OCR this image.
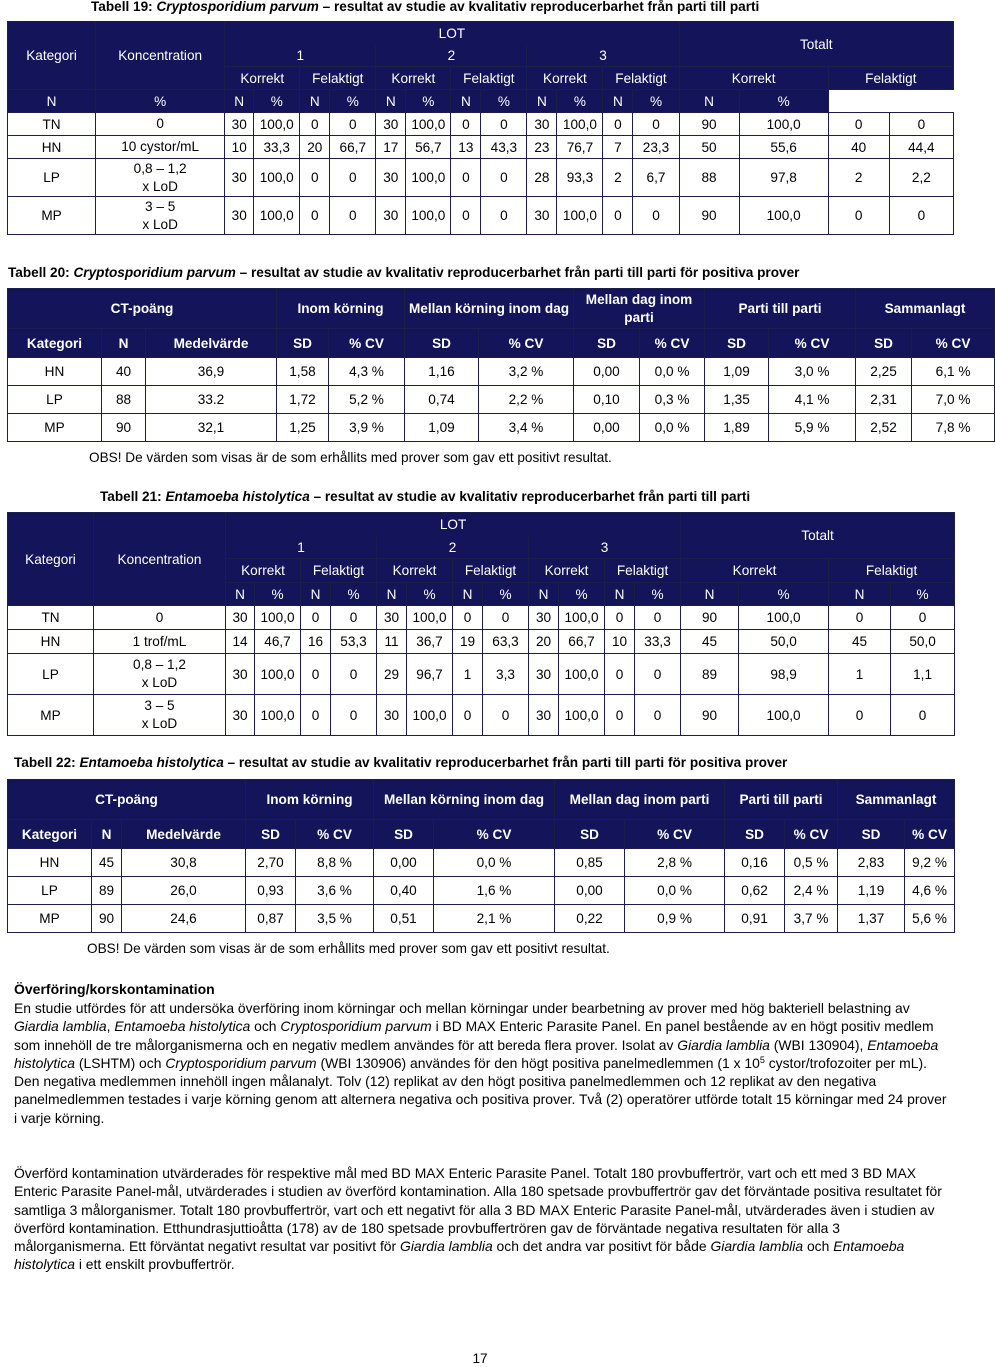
Tabell 19: Cryptosporidium parvum – resultat av studie av kvalitativ reproducerbarhet från parti till parti
Kategori	Koncentration	LOT												Totalt			
		1				2				3							
		Korrekt		Felaktigt		Korrekt		Felaktigt		Korrekt		Felaktigt		Korrekt		Felaktigt	
N	%	N	%	N	%	N	%	N	%	N	%	N	%	N	%		
TN	0	30	100,0	0	0	30	100,0	0	0	30	100,0	0	0	90	100,0	0	0
HN	10 cystor/mL	10	33,3	20	66,7	17	56,7	13	43,3	23	76,7	7	23,3	50	55,6	40	44,4
LP	0,8 – 1,2
x LoD	30	100,0	0	0	30	100,0	0	0	28	93,3	2	6,7	88	97,8	2	2,2
MP	3 – 5
x LoD	30	100,0	0	0	30	100,0	0	0	30	100,0	0	0	90	100,0	0	0
Tabell 20: Cryptosporidium parvum – resultat av studie av kvalitativ reproducerbarhet från parti till parti för positiva prover
CT-poäng			Inom körning		Mellan körning inom dag		Mellan dag inom parti		Parti till parti		Sammanlagt	
Kategori	N	Medelvärde	SD	% CV	SD	% CV	SD	% CV	SD	% CV	SD	% CV
HN	40	36,9	1,58	4,3 %	1,16	3,2 %	0,00	0,0 %	1,09	3,0 %	2,25	6,1 %
LP	88	33.2	1,72	5,2 %	0,74	2,2 %	0,10	0,3 %	1,35	4,1 %	2,31	7,0 %
MP	90	32,1	1,25	3,9 %	1,09	3,4 %	0,00	0,0 %	1,89	5,9 %	2,52	7,8 %
OBS! De värden som visas är de som erhållits med prover som gav ett positivt resultat.
Tabell 21: Entamoeba histolytica – resultat av studie av kvalitativ reproducerbarhet från parti till parti
Kategori	Koncentration	LOT												Totalt			
		1				2				3							
		Korrekt		Felaktigt		Korrekt		Felaktigt		Korrekt		Felaktigt		Korrekt		Felaktigt	
		N	%	N	%	N	%	N	%	N	%	N	%	N	%	N	%
TN	0	30	100,0	0	0	30	100,0	0	0	30	100,0	0	0	90	100,0	0	0
HN	1 trof/mL	14	46,7	16	53,3	11	36,7	19	63,3	20	66,7	10	33,3	45	50,0	45	50,0
LP	0,8 – 1,2
x LoD	30	100,0	0	0	29	96,7	1	3,3	30	100,0	0	0	89	98,9	1	1,1
MP	3 – 5
x LoD	30	100,0	0	0	30	100,0	0	0	30	100,0	0	0	90	100,0	0	0
Tabell 22: Entamoeba histolytica – resultat av studie av kvalitativ reproducerbarhet från parti till parti för positiva prover
CT-poäng			Inom körning		Mellan körning inom dag		Mellan dag inom parti		Parti till parti		Sammanlagt	
Kategori	N	Medelvärde	SD	% CV	SD	% CV	SD	% CV	SD	% CV	SD	% CV
HN	45	30,8	2,70	8,8 %	0,00	0,0 %	0,85	2,8 %	0,16	0,5 %	2,83	9,2 %
LP	89	26,0	0,93	3,6 %	0,40	1,6 %	0,00	0,0 %	0,62	2,4 %	1,19	4,6 %
MP	90	24,6	0,87	3,5 %	0,51	2,1 %	0,22	0,9 %	0,91	3,7 %	1,37	5,6 %
OBS! De värden som visas är de som erhållits med prover som gav ett positivt resultat.
Överföring/korskontamination

En studie utfördes för att undersöka överföring inom körningar och mellan körningar under bearbetning av prover med hög bakteriell belastning av Giardia lamblia, Entamoeba histolytica och Cryptosporidium parvum i BD MAX Enteric Parasite Panel. En panel bestående av en högt positiv medlem som innehöll de tre målorganismerna och en negativ medlem användes för att bereda flera prover. Isolat av Giardia lamblia (WBI 130904), Entamoeba histolytica (LSHTM) och Cryptosporidium parvum (WBI 130906) användes för den högt positiva panelmedlemmen (1 x $10^5$ cystor/trofozoiter per mL). Den negativa medlemmen innehöll ingen målanalyt. Tolv (12) replikat av den högt positiva panelmedlemmen och 12 replikat av den negativa panelmedlemmen testades i varje körning genom att alternera negativa och positiva prover. Två (2) operatörer utförde totalt 15 körningar med 24 prover i varje körning.

Överförd kontamination utvärderades för respektive mål med BD MAX Enteric Parasite Panel. Totalt 180 provbuffertrör, vart och ett med 3 BD MAX Enteric Parasite Panel-mål, utvärderades i studien av överförd kontamination. Alla 180 spetsade provbuffertrör gav det förväntade positiva resultatet för samtliga 3 målorganismer. Totalt 180 provbuffertrör, vart och ett negativt för alla 3 BD MAX Enteric Parasite Panel-mål, utvärderades även i studien av överförd kontamination. Etthundrasjuttioåtta (178) av de 180 spetsade provbuffertrören gav de förväntade negativa resultaten för alla 3 målorganismerna. Ett förväntat negativt resultat var positivt för Giardia lamblia och det andra var positivt för både Giardia lamblia och Entamoeba histolytica i ett enskilt provbuffertrör.

17
